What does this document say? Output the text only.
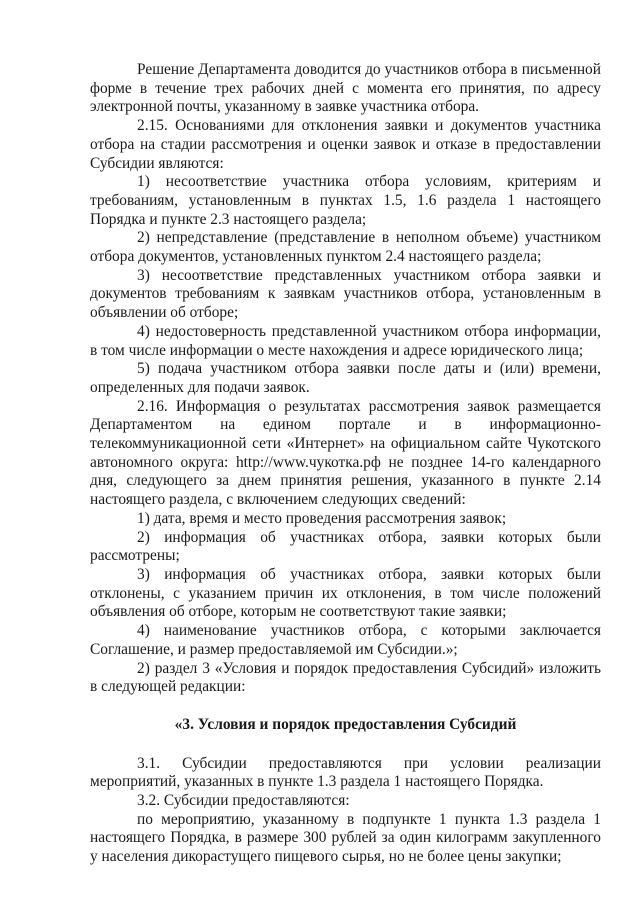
Решение Департамента доводится до участников отбора в письменной форме в течение трех рабочих дней с момента его принятия, по адресу электронной почты, указанному в заявке участника отбора.

2.15. Основаниями для отклонения заявки и документов участника отбора на стадии рассмотрения и оценки заявок и отказе в предоставлении Субсидии являются:

1) несоответствие участника отбора условиям, критериям и требованиям, установленным в пунктах 1.5, 1.6 раздела 1 настоящего Порядка и пункте 2.3 настоящего раздела;

2) непредставление (представление в неполном объеме) участником отбора документов, установленных пунктом 2.4 настоящего раздела;

3) несоответствие представленных участником отбора заявки и документов требованиям к заявкам участников отбора, установленным в объявлении об отборе;

4) недостоверность представленной участником отбора информации, в том числе информации о месте нахождения и адресе юридического лица;

5) подача участником отбора заявки после даты и (или) времени, определенных для подачи заявок.

2.16. Информация о результатах рассмотрения заявок размещается Департаментом на едином портале и в информационно-телекоммуникационной сети «Интернет» на официальном сайте Чукотского автономного округа: http://www.чукотка.рф не позднее 14-го календарного дня, следующего за днем принятия решения, указанного в пункте 2.14 настоящего раздела, с включением следующих сведений:

1) дата, время и место проведения рассмотрения заявок;

2) информация об участниках отбора, заявки которых были рассмотрены;

3) информация об участниках отбора, заявки которых были отклонены, с указанием причин их отклонения, в том числе положений объявления об отборе, которым не соответствуют такие заявки;

4) наименование участников отбора, с которыми заключается Соглашение, и размер предоставляемой им Субсидии.»;

2) раздел 3 «Условия и порядок предоставления Субсидий» изложить в следующей редакции:

«3. Условия и порядок предоставления Субсидий

3.1. Субсидии предоставляются при условии реализации мероприятий, указанных в пункте 1.3 раздела 1 настоящего Порядка.

3.2. Субсидии предоставляются:

по мероприятию, указанному в подпункте 1 пункта 1.3 раздела 1 настоящего Порядка, в размере 300 рублей за один килограмм закупленного у населения дикорастущего пищевого сырья, но не более цены закупки;
